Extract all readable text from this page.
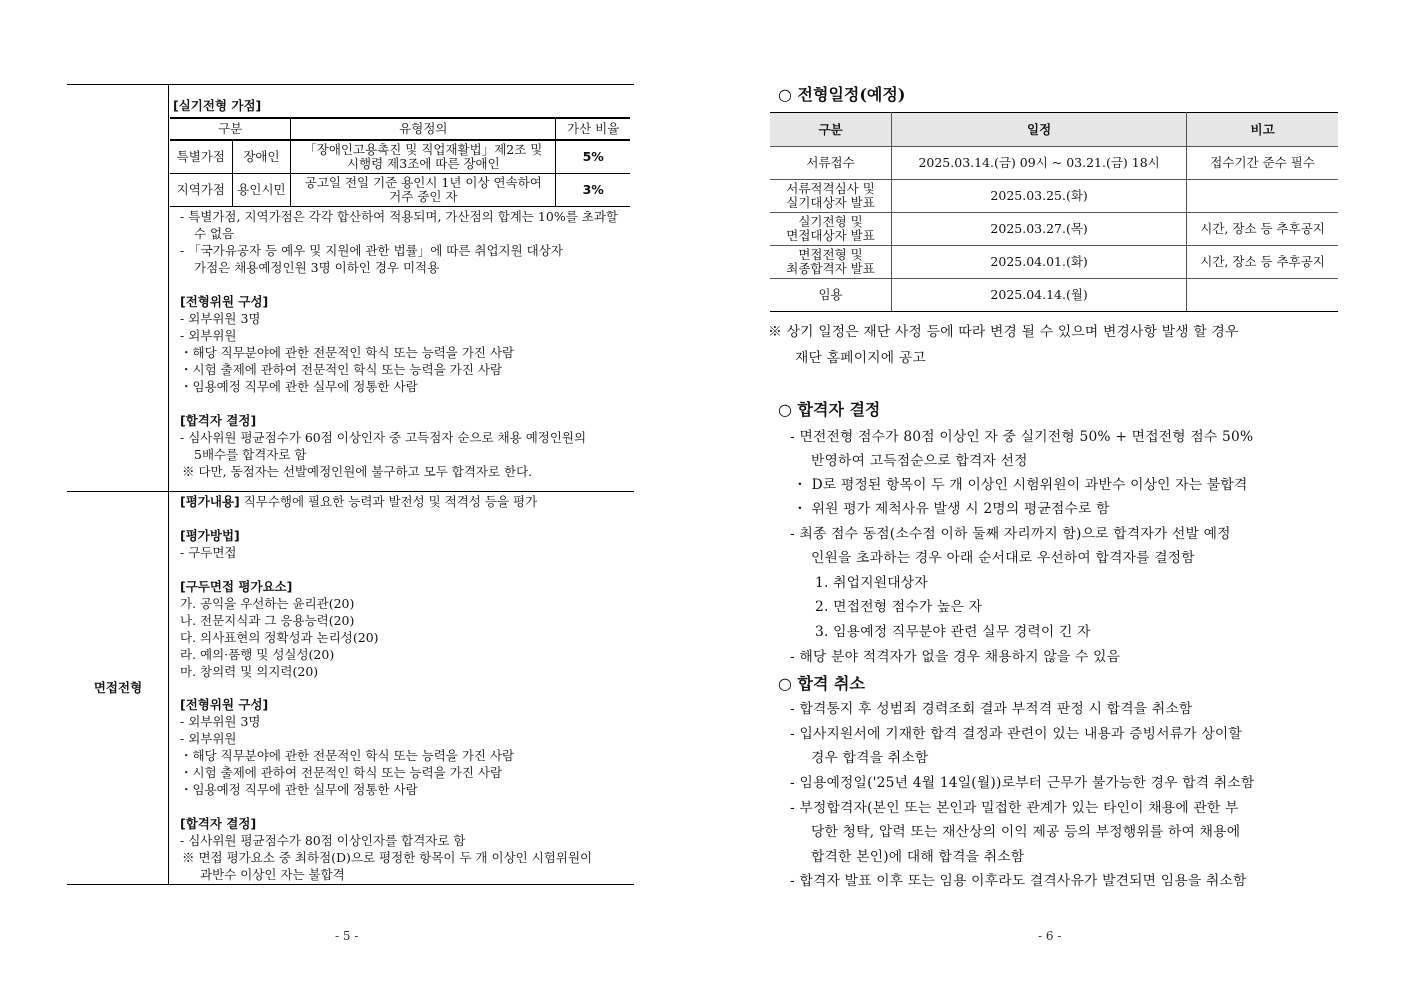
면접전형
[실기전형 가점]
구분		유형정의	가산 비율
특별가점	장애인	「장애인고용촉진 및 직업재활법」제2조 및
시행령 제3조에 따른 장애인	5%
지역가점	용인시민	공고일 전일 기준 용인시 1년 이상 연속하여
거주 중인 자	3%
- 특별가점, 지역가점은 각각 합산하여 적용되며, 가산점의 합계는 10%를 초과할
수 없음
- 「국가유공자 등 예우 및 지원에 관한 법률」에 따른 취업지원 대상자
가점은 채용예정인원 3명 이하인 경우 미적용
[전형위원 구성]
- 외부위원 3명
- 외부위원
・해당 직무분야에 관한 전문적인 학식 또는 능력을 가진 사람
・시험 출제에 관하여 전문적인 학식 또는 능력을 가진 사람
・임용예정 직무에 관한 실무에 정통한 사람
[합격자 결정]
- 심사위원 평균점수가 60점 이상인자 중 고득점자 순으로 채용 예정인원의
5배수를 합격자로 함
※ 다만, 동점자는 선발예정인원에 불구하고 모두 합격자로 한다.
[평가내용] 직무수행에 필요한 능력과 발전성 및 적격성 등을 평가
[평가방법]
- 구두면접
[구두면접 평가요소]
가. 공익을 우선하는 윤리관(20)
나. 전문지식과 그 응용능력(20)
다. 의사표현의 정확성과 논리성(20)
라. 예의·품행 및 성실성(20)
마. 창의력 및 의지력(20)
[전형위원 구성]
- 외부위원 3명
- 외부위원
・해당 직무분야에 관한 전문적인 학식 또는 능력을 가진 사람
・시험 출제에 관하여 전문적인 학식 또는 능력을 가진 사람
・임용예정 직무에 관한 실무에 정통한 사람
[합격자 결정]
- 심사위원 평균점수가 80점 이상인자를 합격자로 함
※ 면접 평가요소 중 최하점(D)으로 평정한 항목이 두 개 이상인 시험위원이
과반수 이상인 자는 불합격
- 5 -
○ 전형일정(예정)
구분	일정	비고

서류접수	2025.03.14.(금) 09시 ~ 03.21.(금) 18시	접수기간 준수 필수

서류적격심사 및
실기대상자 발표	2025.03.25.(화)	

실기전형 및
면접대상자 발표	2025.03.27.(목)	시간, 장소 등 추후공지

면접전형 및
최종합격자 발표	2025.04.01.(화)	시간, 장소 등 추후공지

임용	2025.04.14.(월)	
※ 상기 일정은 재단 사정 등에 따라 변경 될 수 있으며 변경사항 발생 할 경우
재단 홈페이지에 공고
○ 합격자 결정
- 면전전형 점수가 80점 이상인 자 중 실기전형 50% + 면접전형 점수 50%
반영하여 고득점순으로 합격자 선정
・ D로 평정된 항목이 두 개 이상인 시험위원이 과반수 이상인 자는 불합격
・ 위원 평가 제척사유 발생 시 2명의 평균점수로 함
- 최종 점수 동점(소수점 이하 둘째 자리까지 함)으로 합격자가 선발 예정
인원을 초과하는 경우 아래 순서대로 우선하여 합격자를 결정함
1. 취업지원대상자
2. 면접전형 점수가 높은 자
3. 임용예정 직무분야 관련 실무 경력이 긴 자
- 해당 분야 적격자가 없을 경우 채용하지 않을 수 있음
○ 합격 취소
- 합격통지 후 성범죄 경력조회 결과 부적격 판정 시 합격을 취소함
- 입사지원서에 기재한 합격 결정과 관련이 있는 내용과 증빙서류가 상이할
경우 합격을 취소함
- 임용예정일('25년 4월 14일(월))로부터 근무가 불가능한 경우 합격 취소함
- 부정합격자(본인 또는 본인과 밀접한 관계가 있는 타인이 채용에 관한 부
당한 청탁, 압력 또는 재산상의 이익 제공 등의 부정행위를 하여 채용에
합격한 본인)에 대해 합격을 취소함
- 합격자 발표 이후 또는 임용 이후라도 결격사유가 발견되면 임용을 취소함
- 6 -
